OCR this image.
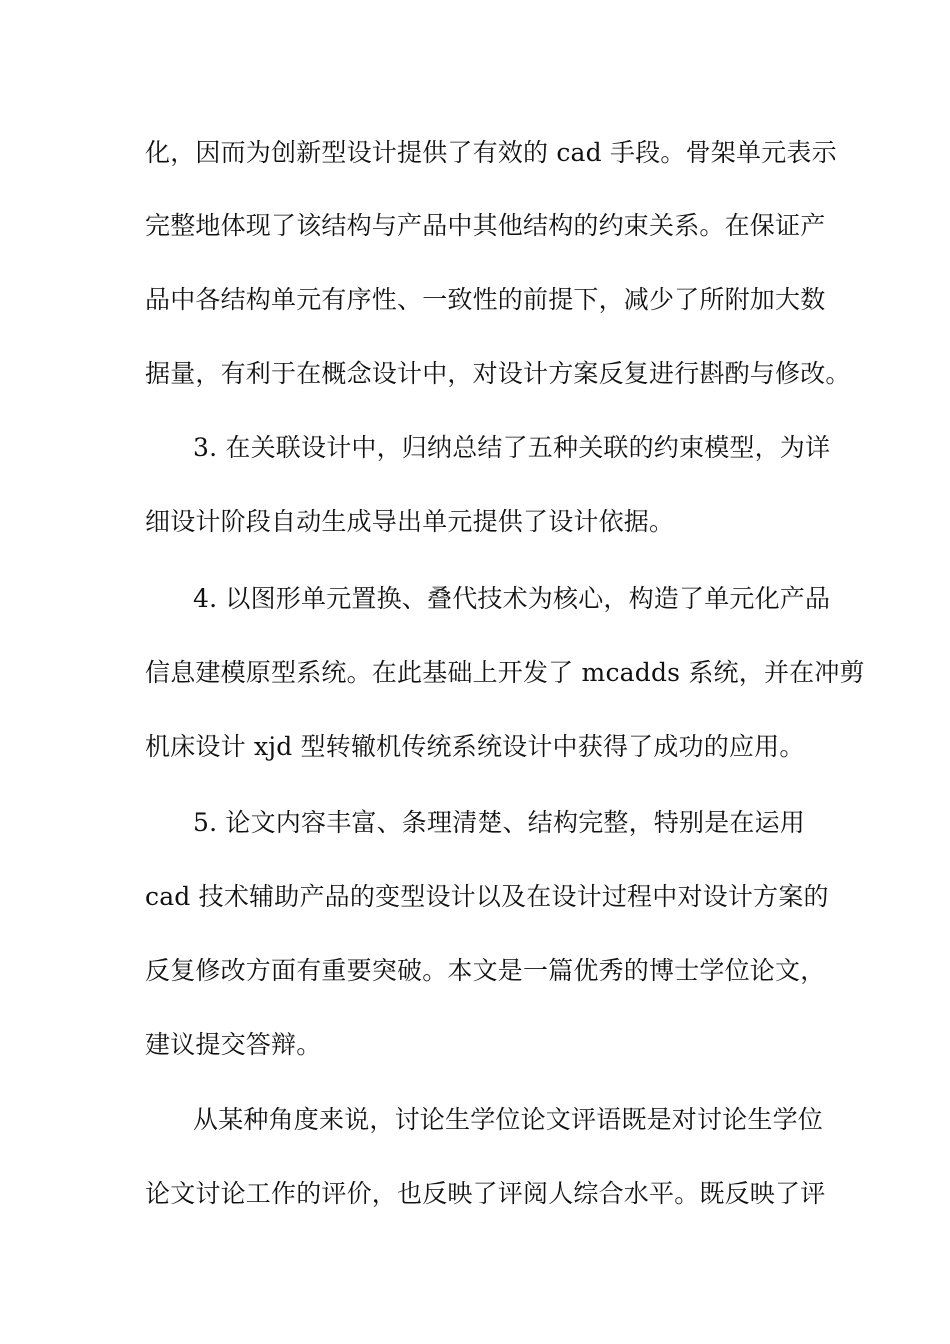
化，因而为创新型设计提供了有效的 cad 手段。骨架单元表示
完整地体现了该结构与产品中其他结构的约束关系。在保证产
品中各结构单元有序性、一致性的前提下，减少了所附加大数
据量，有利于在概念设计中，对设计方案反复进行斟酌与修改。
3. 在关联设计中，归纳总结了五种关联的约束模型，为详
细设计阶段自动生成导出单元提供了设计依据。
4. 以图形单元置换、叠代技术为核心，构造了单元化产品
信息建模原型系统。在此基础上开发了 mcadds 系统，并在冲剪
机床设计 xjd 型转辙机传统系统设计中获得了成功的应用。
5. 论文内容丰富、条理清楚、结构完整，特别是在运用
cad 技术辅助产品的变型设计以及在设计过程中对设计方案的
反复修改方面有重要突破。本文是一篇优秀的博士学位论文，
建议提交答辩。
从某种角度来说，讨论生学位论文评语既是对讨论生学位
论文讨论工作的评价，也反映了评阅人综合水平。既反映了评
